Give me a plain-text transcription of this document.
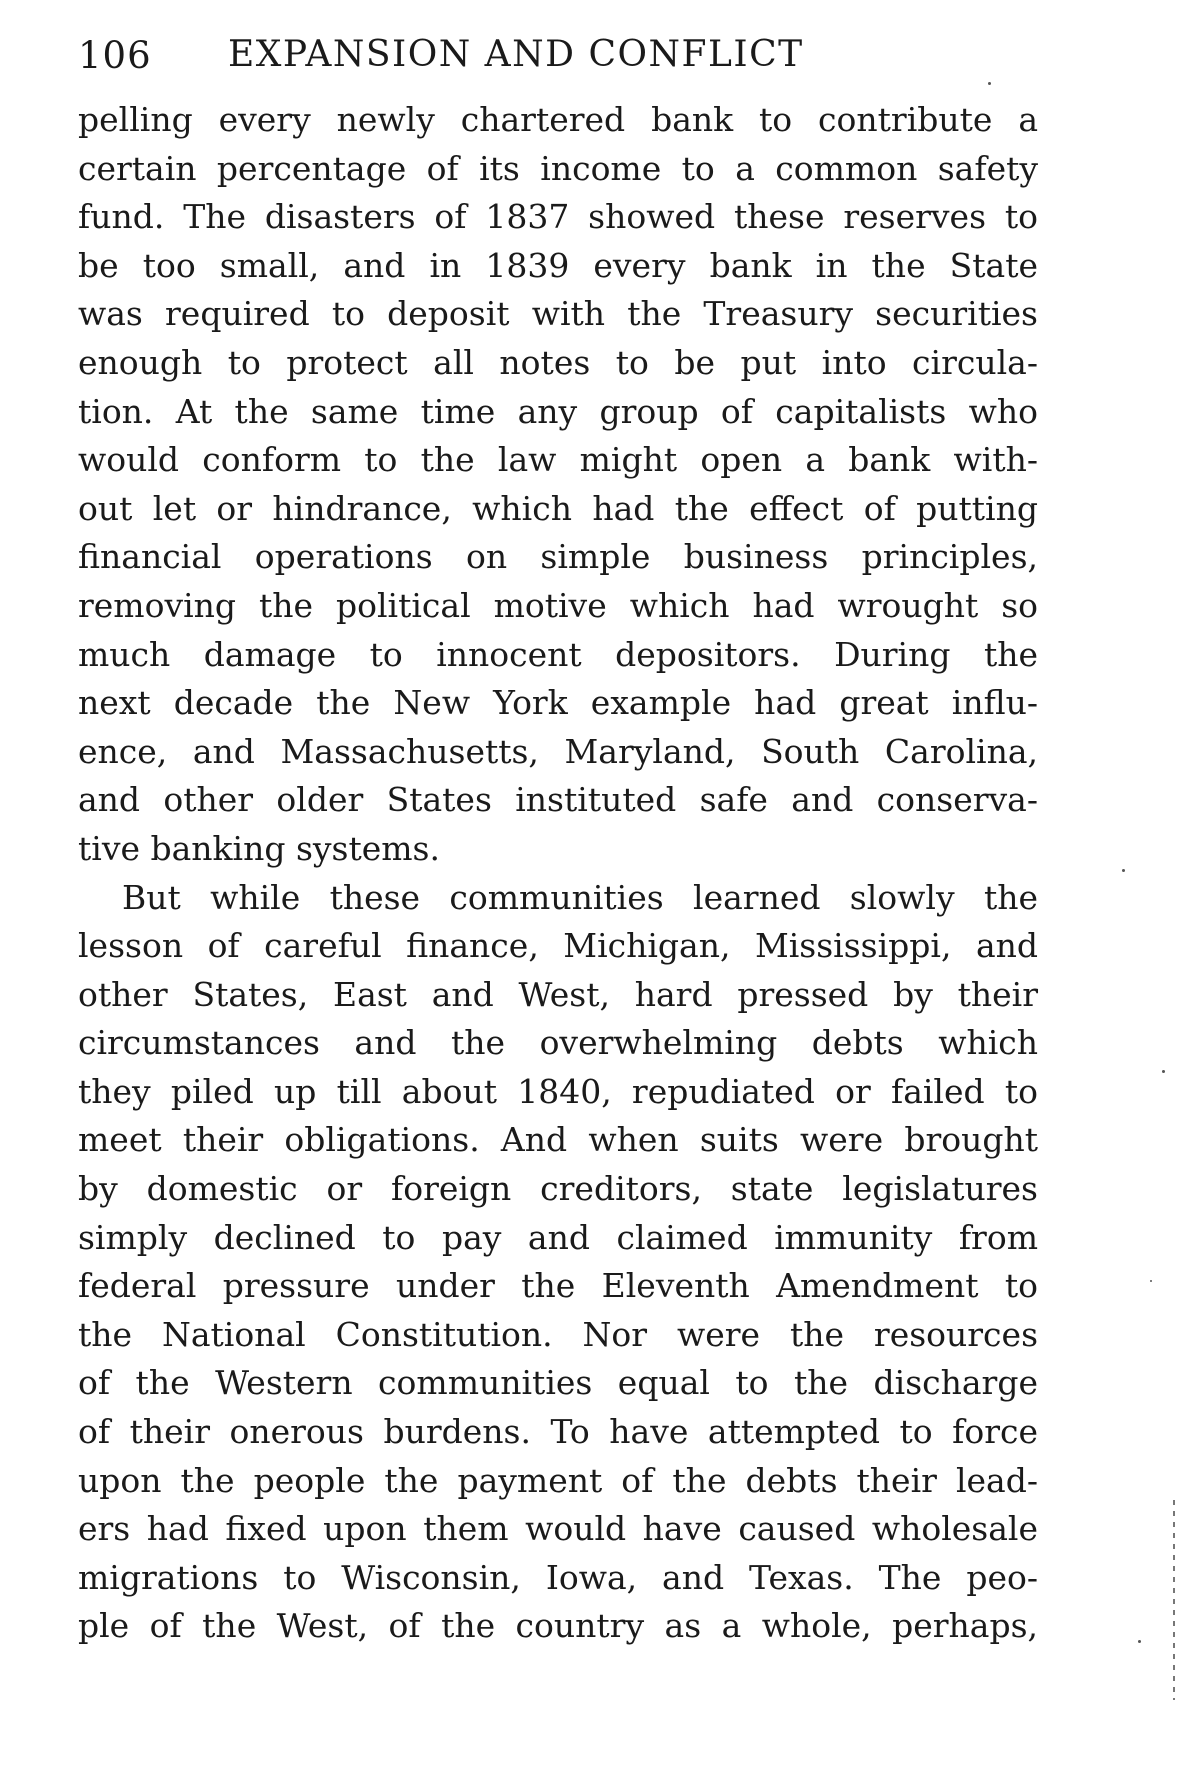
106 EXPANSION AND CONFLICT
pelling every newly chartered bank to contribute a
certain percentage of its income to a common safety
fund. The disasters of 1837 showed these reserves to
be too small, and in 1839 every bank in the State
was required to deposit with the Treasury securities
enough to protect all notes to be put into circula-
tion. At the same time any group of capitalists who
would conform to the law might open a bank with-
out let or hindrance, which had the effect of putting
financial operations on simple business principles,
removing the political motive which had wrought so
much damage to innocent depositors. During the
next decade the New York example had great influ-
ence, and Massachusetts, Maryland, South Carolina,
and other older States instituted safe and conserva-
tive banking systems.
But while these communities learned slowly the
lesson of careful finance, Michigan, Mississippi, and
other States, East and West, hard pressed by their
circumstances and the overwhelming debts which
they piled up till about 1840, repudiated or failed to
meet their obligations. And when suits were brought
by domestic or foreign creditors, state legislatures
simply declined to pay and claimed immunity from
federal pressure under the Eleventh Amendment to
the National Constitution. Nor were the resources
of the Western communities equal to the discharge
of their onerous burdens. To have attempted to force
upon the people the payment of the debts their lead-
ers had fixed upon them would have caused wholesale
migrations to Wisconsin, Iowa, and Texas. The peo-
ple of the West, of the country as a whole, perhaps,
